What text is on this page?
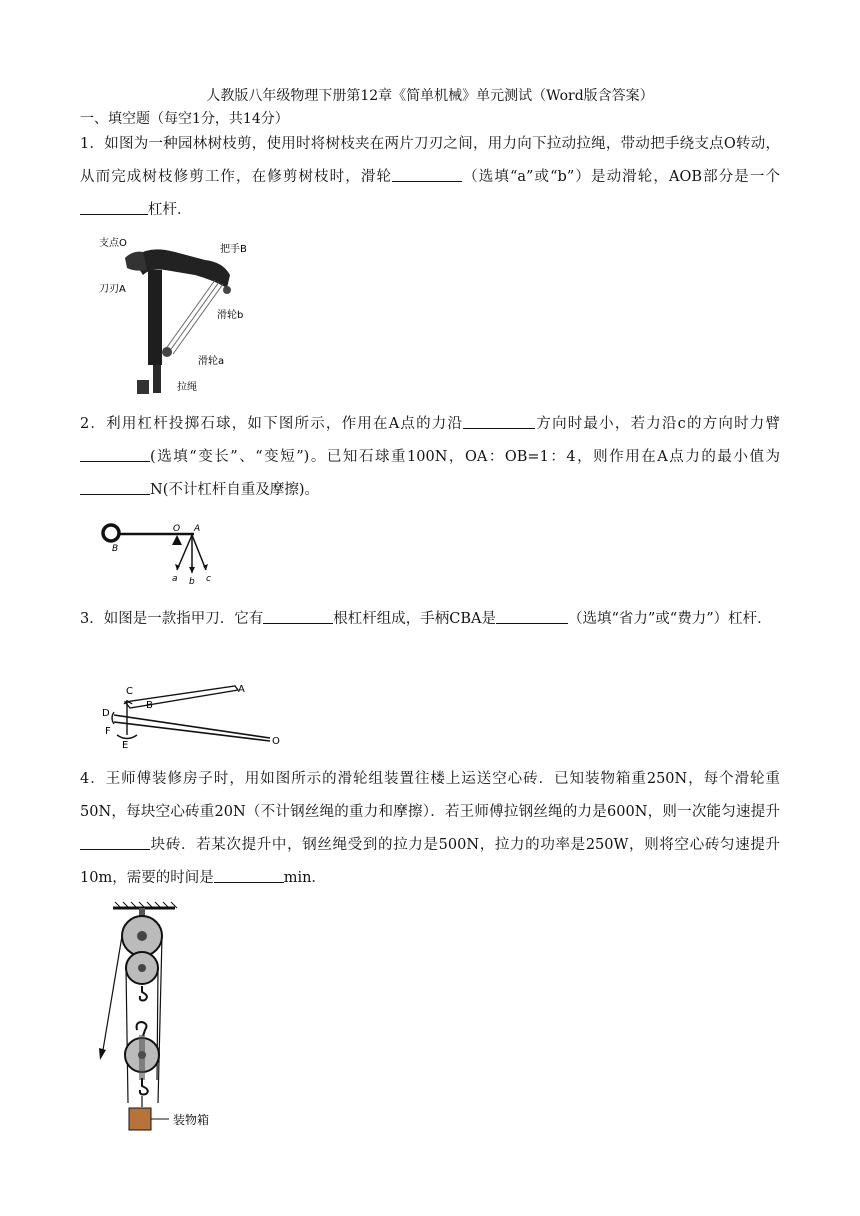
人教版八年级物理下册第12章《简单机械》单元测试（Word版含答案）
一、填空题（每空1分，共14分）
1．如图为一种园林树枝剪，使用时将树枝夹在两片刀刃之间，用力向下拉动拉绳，带动把手绕支点O转动，从而完成树枝修剪工作，在修剪树枝时，滑轮	（选填“a”或“b”）是动滑轮，AOB部分是一个杠杆．
支点O
把手B
刀刃A
滑轮b
滑轮a
拉绳
2．利用杠杆投掷石球，如下图所示，作用在A点的力沿	方向时最小，若力沿c的方向时力臂(选填“变长”、“变短”)。已知石球重100N，OA：OB=1：4，则作用在A点力的最小值为N(不计杠杆自重及摩擦)。
B
O A
a b c
3．如图是一款指甲刀．它有	根杠杆组成，手柄CBA是	（选填“省力”或“费力”）杠杆．
A
B
C
D
E
F
O
4．王师傅装修房子时，用如图所示的滑轮组装置往楼上运送空心砖．已知装物箱重250N，每个滑轮重50N，每块空心砖重20N（不计钢丝绳的重力和摩擦）．若王师傅拉钢丝绳的力是600N，则一次能匀速提升块砖．若某次提升中，钢丝绳受到的拉力是500N，拉力的功率是250W，则将空心砖匀速提升10m，需要的时间是	min．
装物箱
